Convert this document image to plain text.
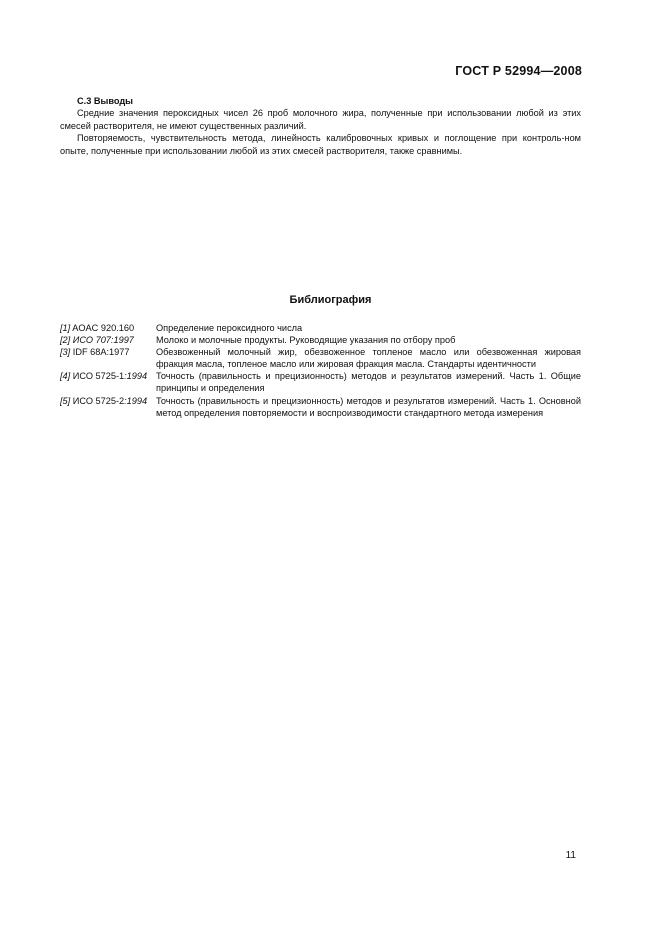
ГОСТ Р 52994—2008
С.3 Выводы

Средние значения пероксидных чисел 26 проб молочного жира, полученные при использовании любой из этих смесей растворителя, не имеют существенных различий.

Повторяемость, чувствительность метода, линейность калибровочных кривых и поглощение при контроль-ном опыте, полученные при использовании любой из этих смесей растворителя, также сравнимы.

Библиография
[1] AOAC 920.160	Определение пероксидного числа
[2] ИСО 707:1997	Молоко и молочные продукты. Руководящие указания по отбору проб
[3] IDF 68A:1977	Обезвоженный молочный жир, обезвоженное топленое масло или обезвоженная жировая фракция масла, топленое масло или жировая фракция масла. Стандарты идентичности
[4] ИСО 5725-1:1994 Точность (правильность и прецизионность) методов и результатов измерений. Часть 1. Общие принципы и определения
[5] ИСО 5725-2:1994 Точность (правильность и прецизионность) методов и результатов измерений. Часть 1. Основной метод определения повторяемости и воспроизводимости стандартного метода измерения
11
